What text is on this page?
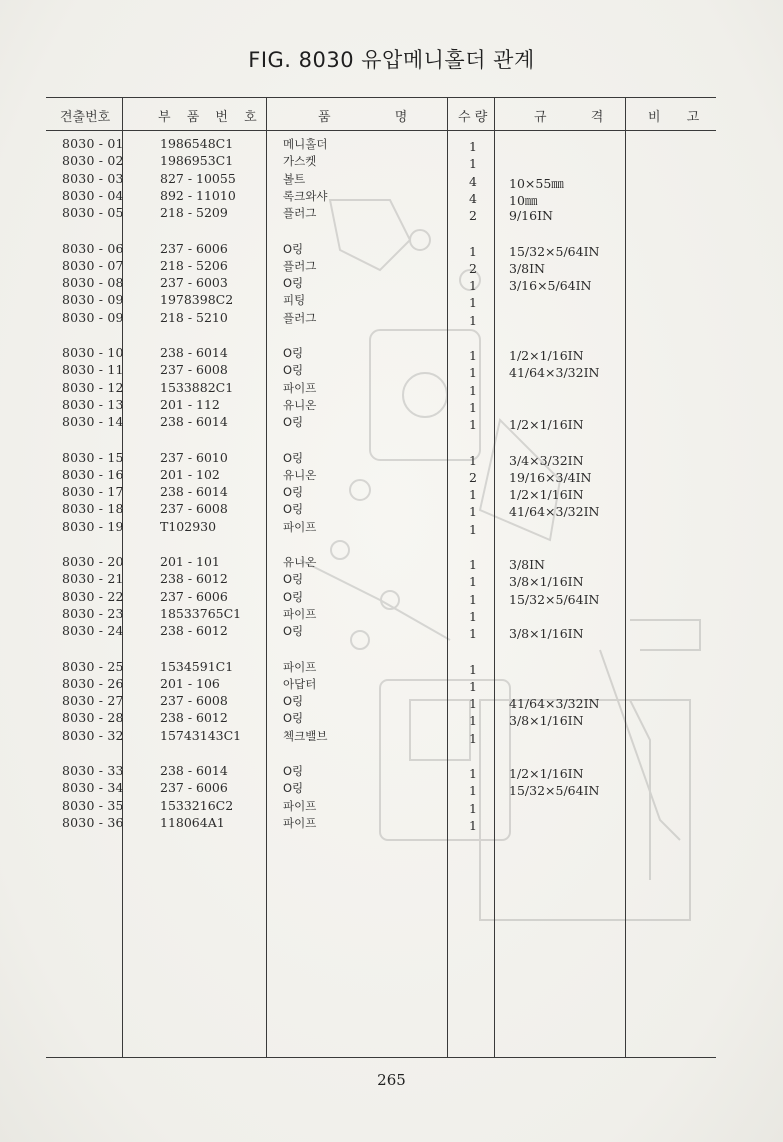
FIG. 8030 유압메니홀더 관계
견출번호	부 품 번 호	품 명	수 량	규 격	비 고
8030 - 01	1986548C1	메니홀더	1
8030 - 02	1986953C1	가스켓	1
8030 - 03	827 - 10055	볼트	4	10×55㎜
8030 - 04	892 - 11010	록크와샤	4	10㎜
8030 - 05	218 - 5209	플러그	2	9/16IN
8030 - 06	237 - 6006	O링	1	15/32×5/64IN
8030 - 07	218 - 5206	플러그	2	3/8IN
8030 - 08	237 - 6003	O링	1	3/16×5/64IN
8030 - 09	1978398C2	피팅	1
8030 - 09	218 - 5210	플러그	1
8030 - 10	238 - 6014	O링	1	1/2×1/16IN
8030 - 11	237 - 6008	O링	1	41/64×3/32IN
8030 - 12	1533882C1	파이프	1
8030 - 13	201 - 112	유니온	1
8030 - 14	238 - 6014	O링	1	1/2×1/16IN
8030 - 15	237 - 6010	O링	1	3/4×3/32IN
8030 - 16	201 - 102	유니온	2	19/16×3/4IN
8030 - 17	238 - 6014	O링	1	1/2×1/16IN
8030 - 18	237 - 6008	O링	1	41/64×3/32IN
8030 - 19	T102930	파이프	1
8030 - 20	201 - 101	유니온	1	3/8IN
8030 - 21	238 - 6012	O링	1	3/8×1/16IN
8030 - 22	237 - 6006	O링	1	15/32×5/64IN
8030 - 23	18533765C1	파이프	1
8030 - 24	238 - 6012	O링	1	3/8×1/16IN
8030 - 25	1534591C1	파이프	1
8030 - 26	201 - 106	아답터	1
8030 - 27	237 - 6008	O링	1	41/64×3/32IN
8030 - 28	238 - 6012	O링	1	3/8×1/16IN
8030 - 32	15743143C1	첵크밸브	1
8030 - 33	238 - 6014	O링	1	1/2×1/16IN
8030 - 34	237 - 6006	O링	1	15/32×5/64IN
8030 - 35	1533216C2	파이프	1
8030 - 36	118064A1	파이프	1
265
